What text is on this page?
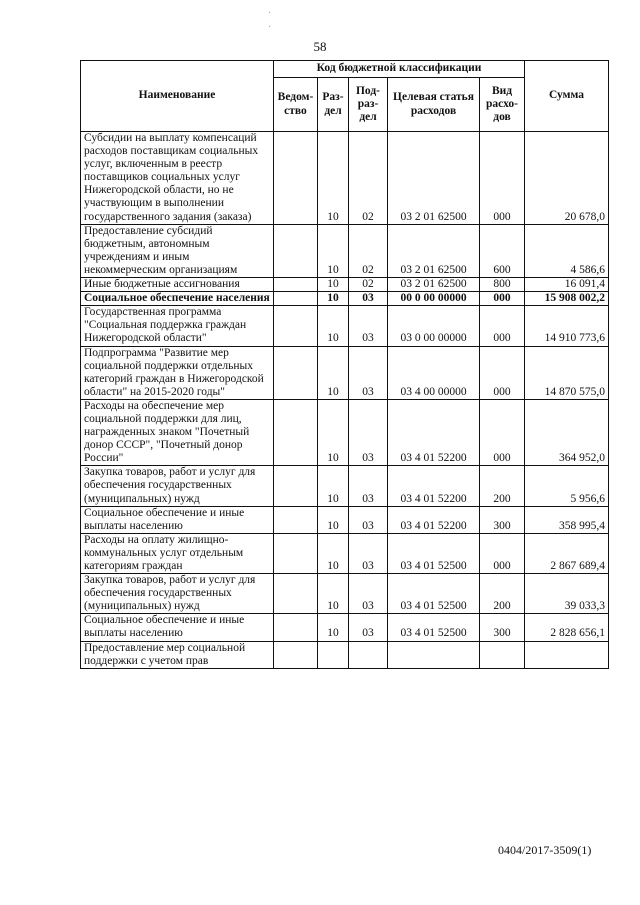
58
·
·
Наименование	Код бюджетной классификации					Сумма
	Ведом-ство	Раз-дел	Под-раз-дел	Целевая статья расходов	Вид расхо-дов	
Субсидии на выплату компенсаций расходов поставщикам социальных услуг, включенным в реестр поставщиков социальных услуг Нижегородской области, но не участвующим в выполнении государственного задания (заказа)		10	02	03 2 01 62500	000	20 678,0
Предоставление субсидий бюджетным, автономным учреждениям и иным некоммерческим организациям		10	02	03 2 01 62500	600	4 586,6
Иные бюджетные ассигнования		10	02	03 2 01 62500	800	16 091,4
Социальное обеспечение населения		10	03	00 0 00 00000	000	15 908 002,2
Государственная программа "Социальная поддержка граждан Нижегородской области"		10	03	03 0 00 00000	000	14 910 773,6
Подпрограмма "Развитие мер социальной поддержки отдельных категорий граждан в Нижегородской области" на 2015-2020 годы"		10	03	03 4 00 00000	000	14 870 575,0
Расходы на обеспечение мер социальной поддержки для лиц, награжденных знаком "Почетный донор СССР", "Почетный донор России"		10	03	03 4 01 52200	000	364 952,0
Закупка товаров, работ и услуг для обеспечения государственных (муниципальных) нужд		10	03	03 4 01 52200	200	5 956,6
Социальное обеспечение и иные выплаты населению		10	03	03 4 01 52200	300	358 995,4
Расходы на оплату жилищно-коммунальных услуг отдельным категориям граждан		10	03	03 4 01 52500	000	2 867 689,4
Закупка товаров, работ и услуг для обеспечения государственных (муниципальных) нужд		10	03	03 4 01 52500	200	39 033,3
Социальное обеспечение и иные выплаты населению		10	03	03 4 01 52500	300	2 828 656,1
Предоставление мер социальной поддержки с учетом прав						
0404/2017-3509(1)
